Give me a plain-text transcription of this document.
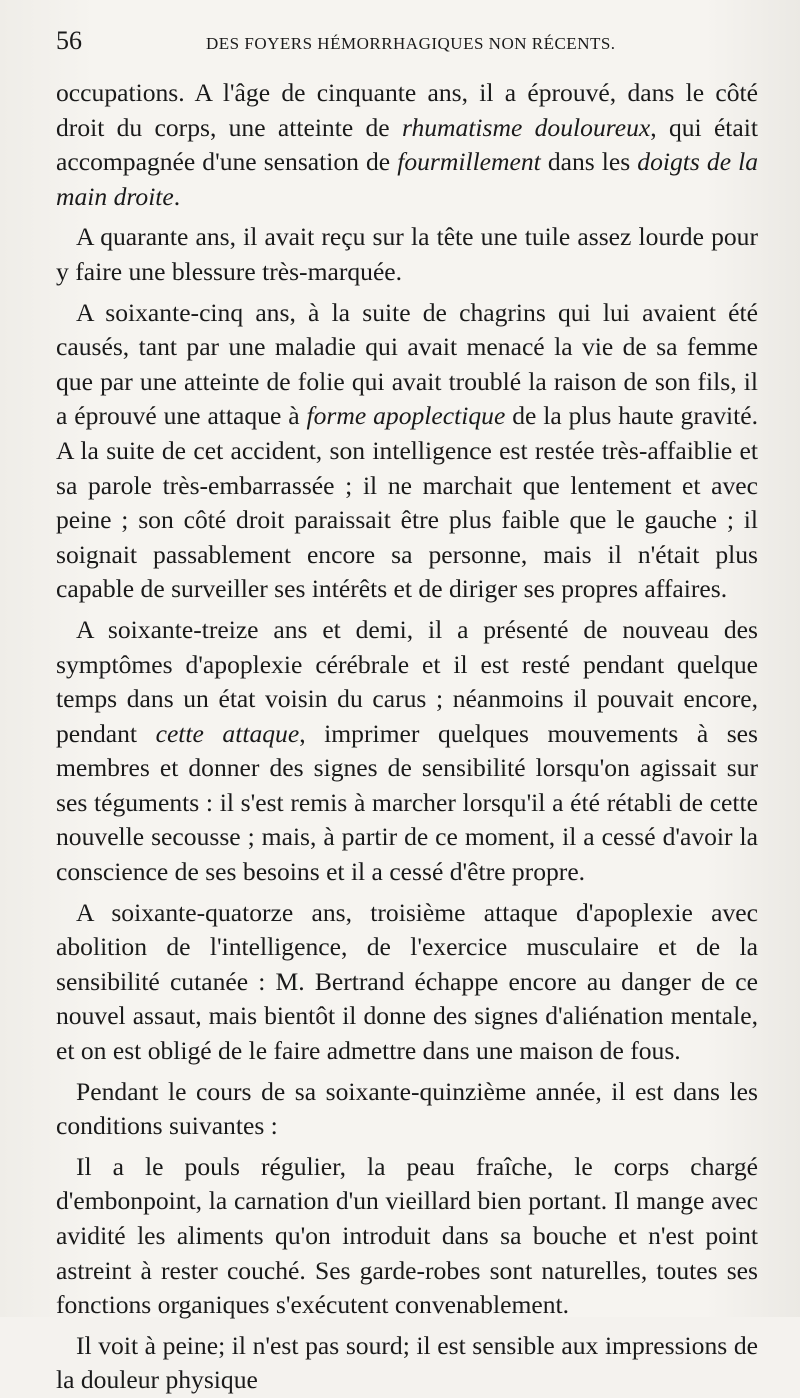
56	DES FOYERS HÉMORRHAGIQUES NON RÉCENTS.

occupations. A l'âge de cinquante ans, il a éprouvé, dans le côté droit du corps, une atteinte de rhumatisme douloureux, qui était accompagnée d'une sensation de fourmillement dans les doigts de la main droite.

A quarante ans, il avait reçu sur la tête une tuile assez lourde pour y faire une blessure très-marquée.

A soixante-cinq ans, à la suite de chagrins qui lui avaient été causés, tant par une maladie qui avait menacé la vie de sa femme que par une atteinte de folie qui avait troublé la raison de son fils, il a éprouvé une attaque à forme apoplectique de la plus haute gravité. A la suite de cet accident, son intelligence est restée très-affaiblie et sa parole très-embarrassée ; il ne marchait que lentement et avec peine ; son côté droit paraissait être plus faible que le gauche ; il soignait passablement encore sa personne, mais il n'était plus capable de surveiller ses intérêts et de diriger ses propres affaires.

A soixante-treize ans et demi, il a présenté de nouveau des symptômes d'apoplexie cérébrale et il est resté pendant quelque temps dans un état voisin du carus ; néanmoins il pouvait encore, pendant cette attaque, imprimer quelques mouvements à ses membres et donner des signes de sensibilité lorsqu'on agissait sur ses téguments : il s'est remis à marcher lorsqu'il a été rétabli de cette nouvelle secousse ; mais, à partir de ce moment, il a cessé d'avoir la conscience de ses besoins et il a cessé d'être propre.

A soixante-quatorze ans, troisième attaque d'apoplexie avec abolition de l'intelligence, de l'exercice musculaire et de la sensibilité cutanée : M. Bertrand échappe encore au danger de ce nouvel assaut, mais bientôt il donne des signes d'aliénation mentale, et on est obligé de le faire admettre dans une maison de fous.

Pendant le cours de sa soixante-quinzième année, il est dans les conditions suivantes :

Il a le pouls régulier, la peau fraîche, le corps chargé d'embonpoint, la carnation d'un vieillard bien portant. Il mange avec avidité les aliments qu'on introduit dans sa bouche et n'est point astreint à rester couché. Ses garde-robes sont naturelles, toutes ses fonctions organiques s'exécutent convenablement.

Il voit à peine; il n'est pas sourd; il est sensible aux impressions de la douleur physique
